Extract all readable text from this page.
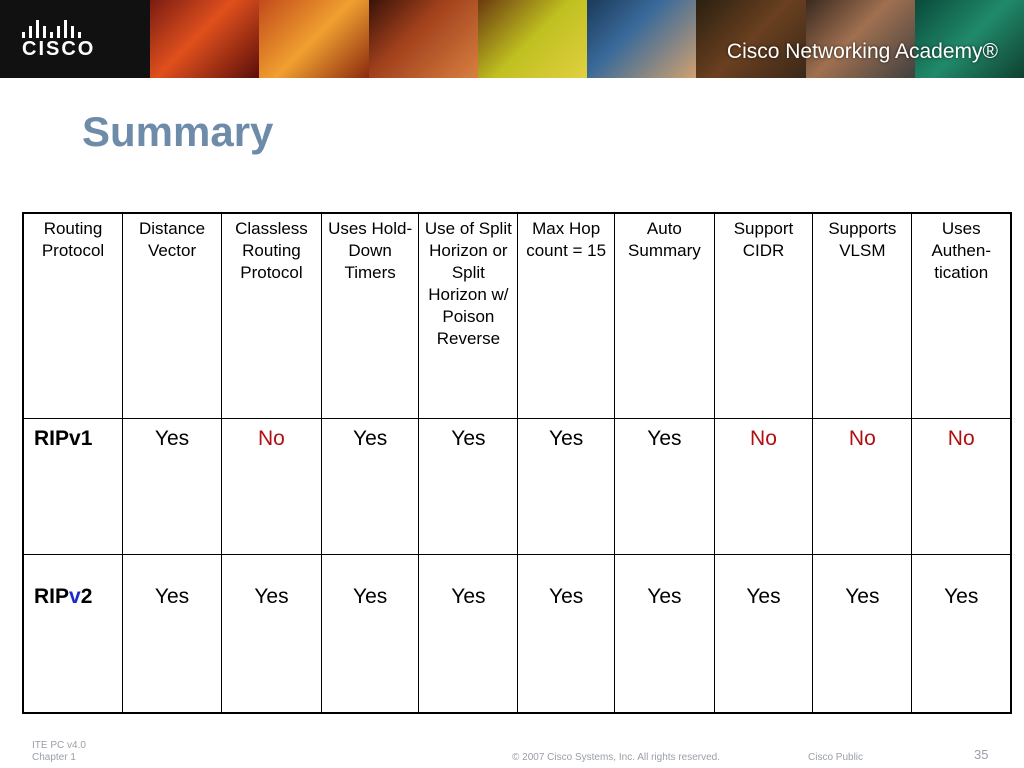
CISCO	Cisco Networking Academy®
Summary
Routing Protocol	Distance Vector	Classless Routing Protocol	Uses Hold-Down Timers	Use of Split Horizon or Split Horizon w/ Poison Reverse	Max Hop count = 15	Auto Summary	Support CIDR	Supports VLSM	Uses Authen-tication
RIPv1	Yes	No	Yes	Yes	Yes	Yes	No	No	No
RIPv2	Yes	Yes	Yes	Yes	Yes	Yes	Yes	Yes	Yes
ITE PC v4.0
Chapter 1	© 2007 Cisco Systems, Inc. All rights reserved.	Cisco Public	35
